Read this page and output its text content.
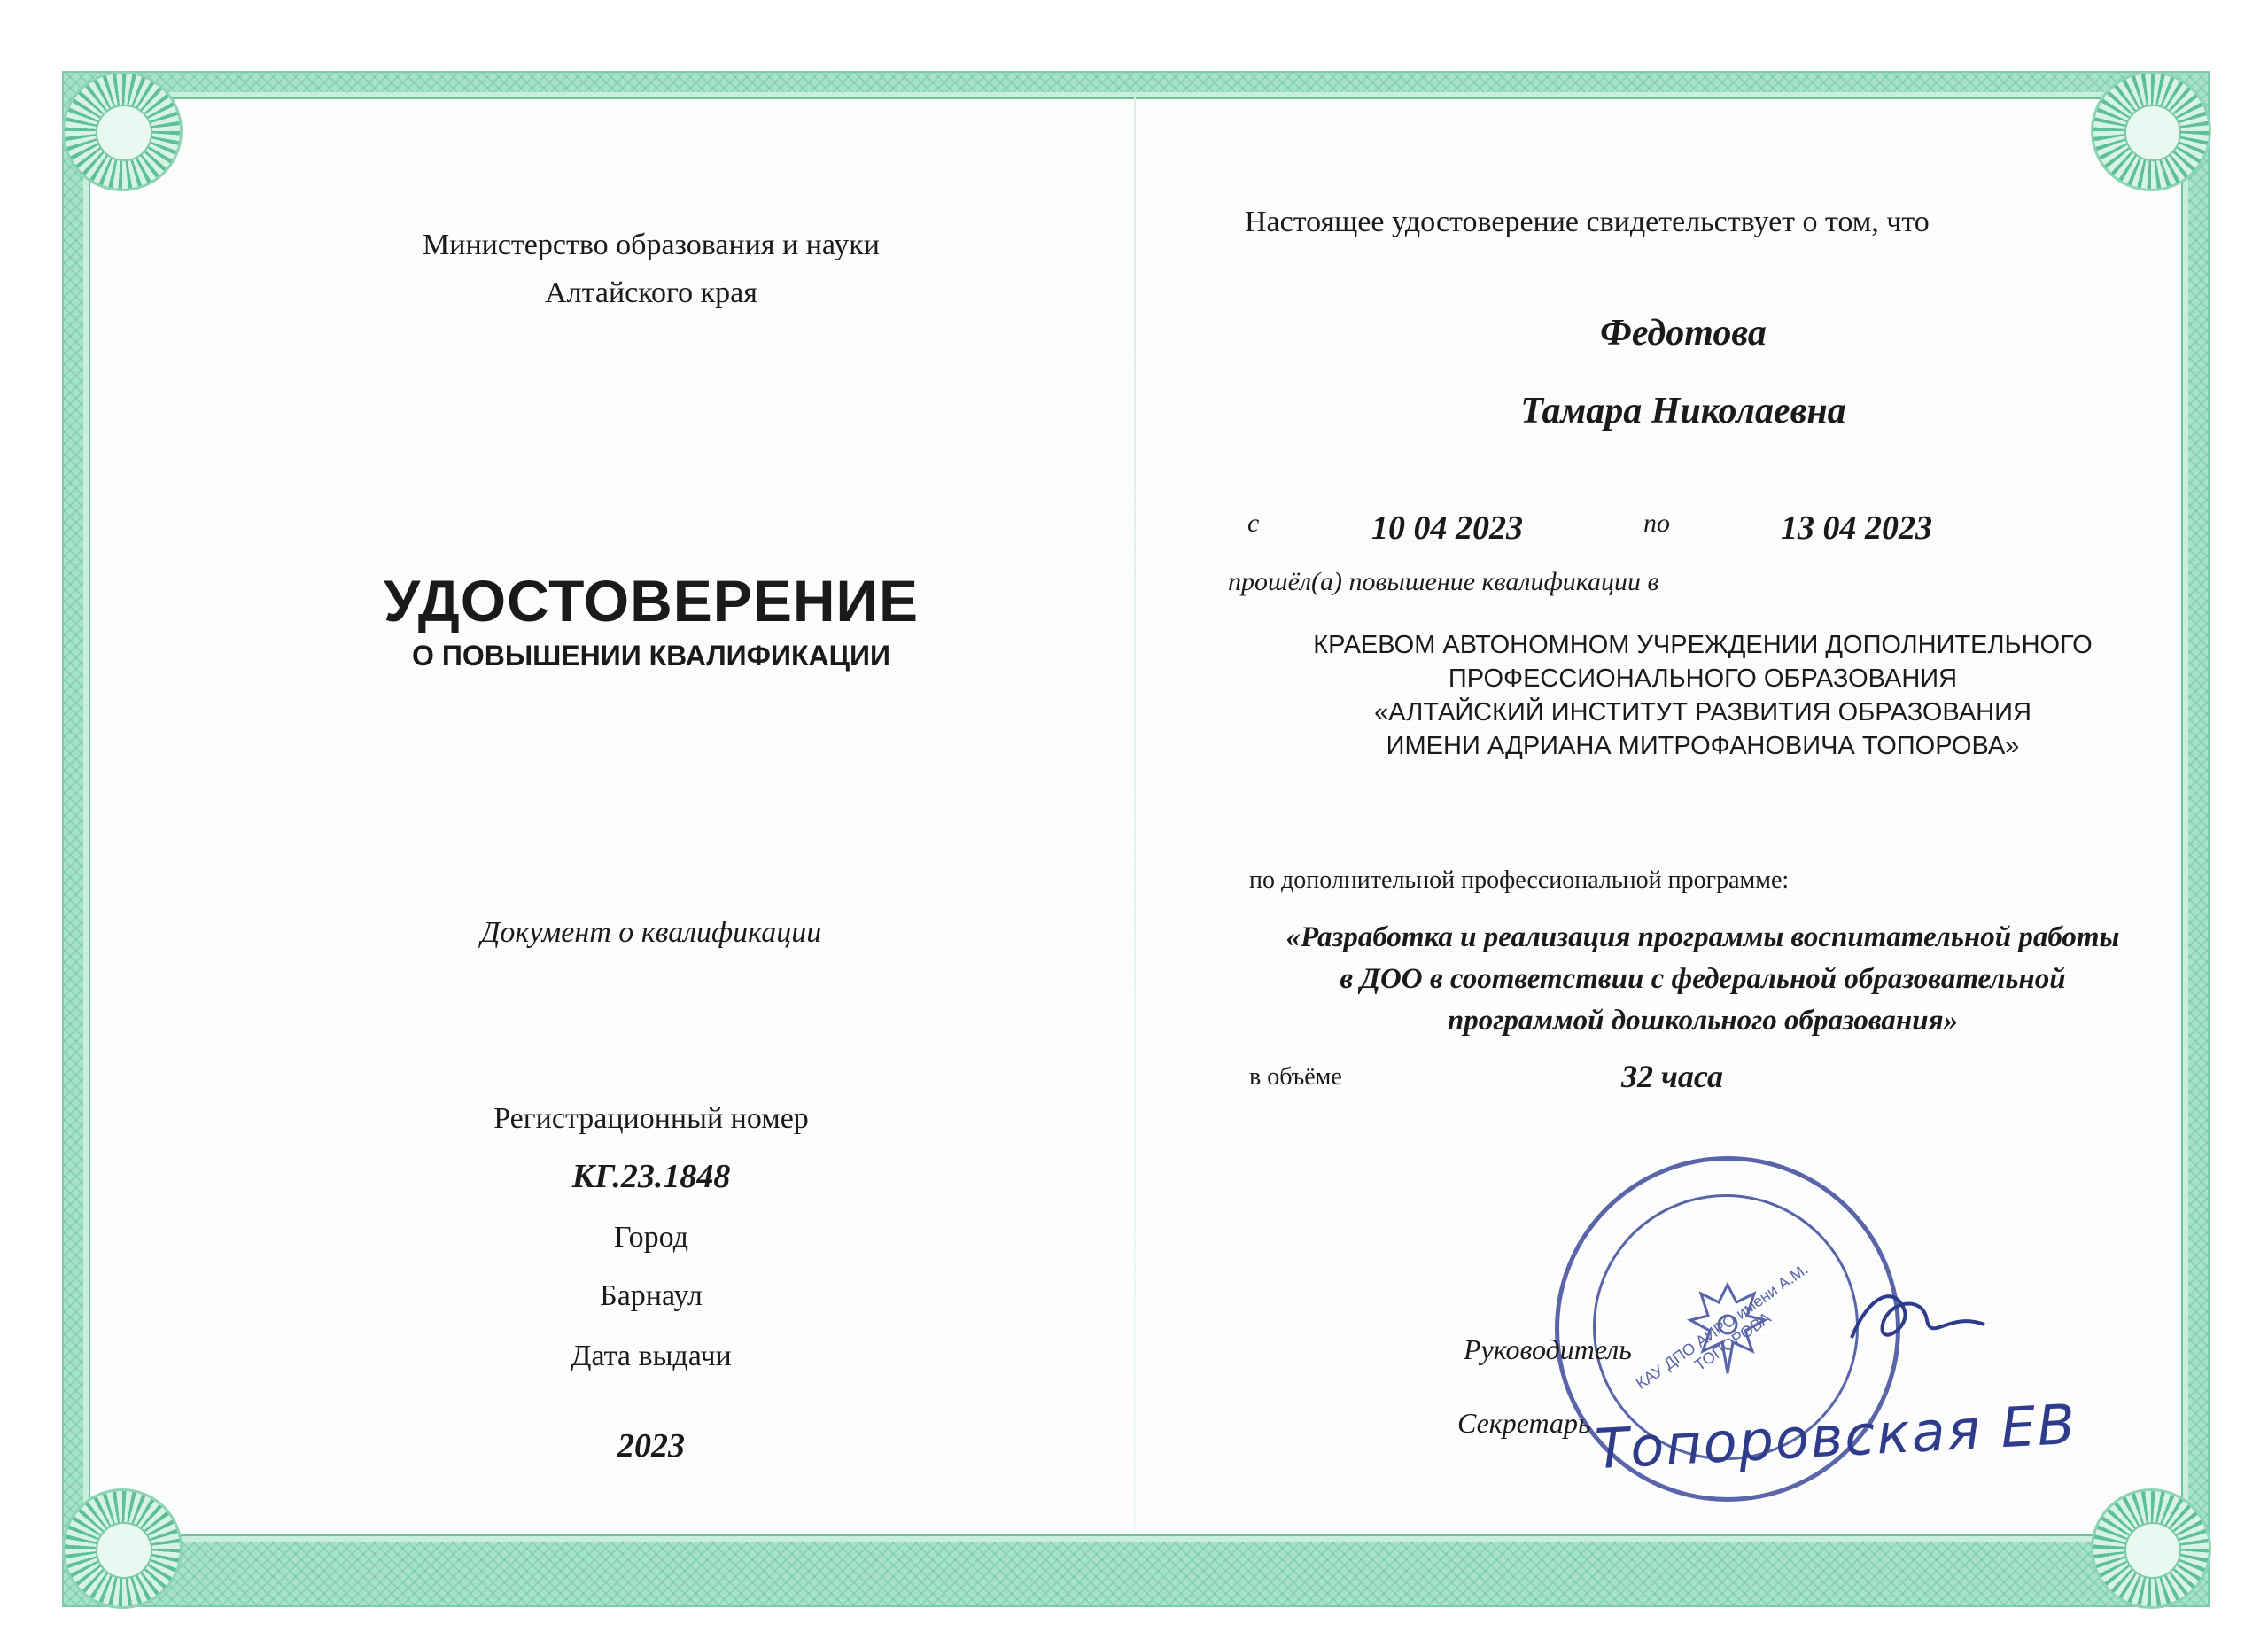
Министерство образования и науки
Алтайского края
УДОСТОВЕРЕНИЕ
О ПОВЫШЕНИИ КВАЛИФИКАЦИИ
Документ о квалификации
Регистрационный номер
КГ.23.1848
Город
Барнаул
Дата выдачи
2023
Настоящее удостоверение свидетельствует о том, что
Федотова
Тамара Николаевна
с	10 04 2023	по	13 04 2023
прошёл(а) повышение квалификации в
КРАЕВОМ АВТОНОМНОМ УЧРЕЖДЕНИИ ДОПОЛНИТЕЛЬНОГО
ПРОФЕССИОНАЛЬНОГО ОБРАЗОВАНИЯ
«АЛТАЙСКИЙ ИНСТИТУТ РАЗВИТИЯ ОБРАЗОВАНИЯ
ИМЕНИ АДРИАНА МИТРОФАНОВИЧА ТОПОРОВА»
по дополнительной профессиональной программе:
«Разработка и реализация программы воспитательной работы
в ДОО в соответствии с федеральной образовательной
программой дошкольного образования»
в объёме	32 часа
КАУ ДПО АИРО имени А.М. ТОПОРОВА
Руководитель
Секретарь Топоровская ЕВ
